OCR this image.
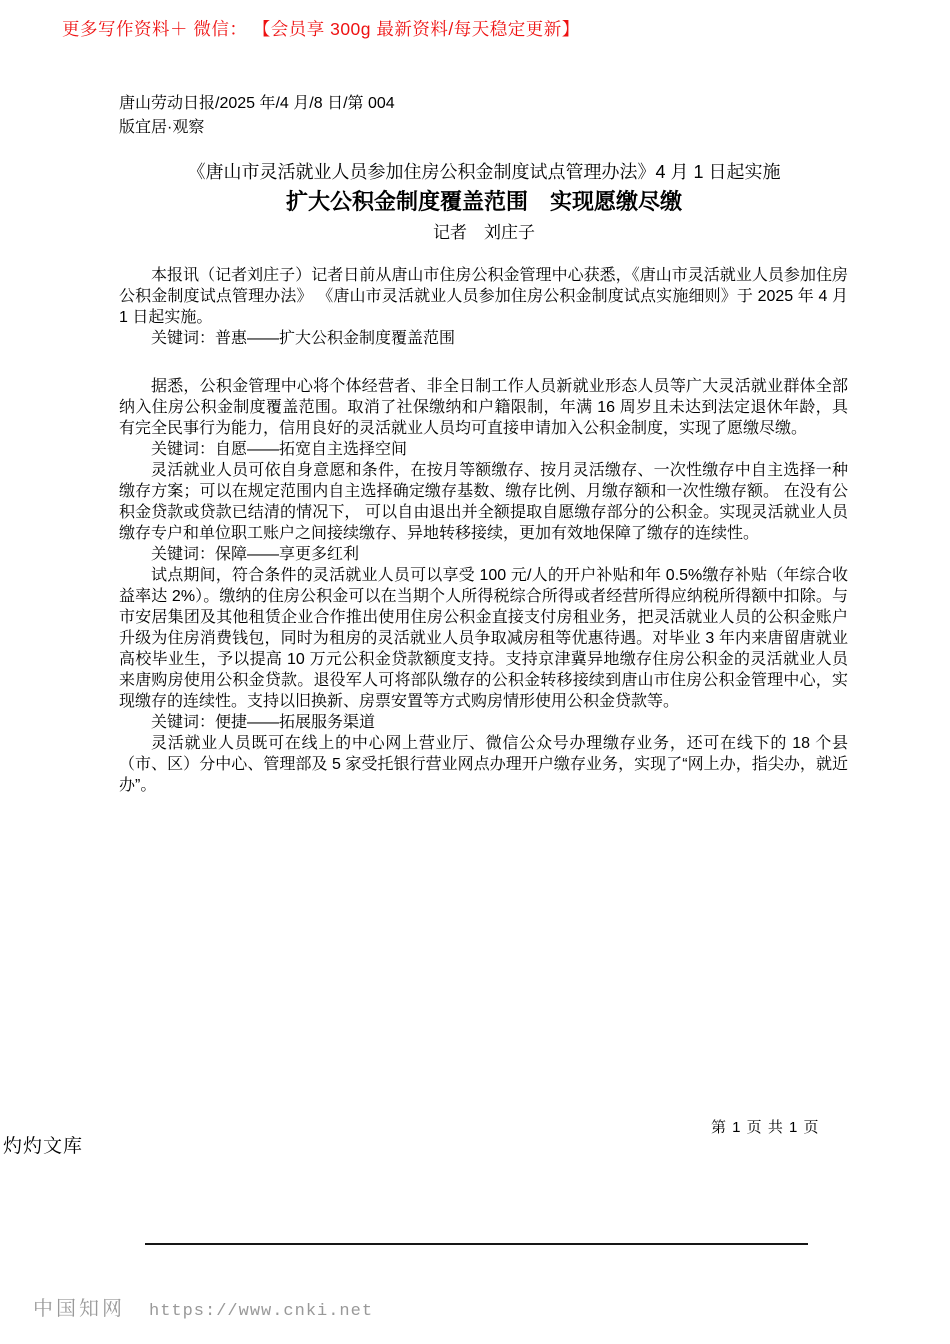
更多写作资料＋ 微信： 【会员享 300g 最新资料/每天稳定更新】
唐山劳动日报/2025 年/4 月/8 日/第 004
版宜居·观察
《唐山市灵活就业人员参加住房公积金制度试点管理办法》4 月 1 日起实施
扩大公积金制度覆盖范围　实现愿缴尽缴
记者　刘庄子

本报讯（记者刘庄子）记者日前从唐山市住房公积金管理中心获悉，《唐山市灵活就业人员参加住房公积金制度试点管理办法》 《唐山市灵活就业人员参加住房公积金制度试点实施细则》于 2025 年 4 月 1 日起实施。

关键词：普惠——扩大公积金制度覆盖范围

据悉，公积金管理中心将个体经营者、非全日制工作人员新就业形态人员等广大灵活就业群体全部纳入住房公积金制度覆盖范围。取消了社保缴纳和户籍限制，年满 16 周岁且未达到法定退休年龄，具有完全民事行为能力，信用良好的灵活就业人员均可直接申请加入公积金制度，实现了愿缴尽缴。

关键词：自愿——拓宽自主选择空间

灵活就业人员可依自身意愿和条件，在按月等额缴存、按月灵活缴存、一次性缴存中自主选择一种缴存方案；可以在规定范围内自主选择确定缴存基数、缴存比例、月缴存额和一次性缴存额。 在没有公积金贷款或贷款已结清的情况下， 可以自由退出并全额提取自愿缴存部分的公积金。实现灵活就业人员缴存专户和单位职工账户之间接续缴存、异地转移接续，更加有效地保障了缴存的连续性。

关键词：保障——享更多红利

试点期间，符合条件的灵活就业人员可以享受 100 元/人的开户补贴和年 0.5%缴存补贴（年综合收益率达 2%）。缴纳的住房公积金可以在当期个人所得税综合所得或者经营所得应纳税所得额中扣除。与市安居集团及其他租赁企业合作推出使用住房公积金直接支付房租业务，把灵活就业人员的公积金账户升级为住房消费钱包，同时为租房的灵活就业人员争取减房租等优惠待遇。对毕业 3 年内来唐留唐就业高校毕业生，予以提高 10 万元公积金贷款额度支持。支持京津冀异地缴存住房公积金的灵活就业人员来唐购房使用公积金贷款。退役军人可将部队缴存的公积金转移接续到唐山市住房公积金管理中心，实现缴存的连续性。支持以旧换新、房票安置等方式购房情形使用公积金贷款等。

关键词：便捷——拓展服务渠道

灵活就业人员既可在线上的中心网上营业厅、微信公众号办理缴存业务，还可在线下的 18 个县（市、区）分中心、管理部及 5 家受托银行营业网点办理开户缴存业务，实现了“网上办，指尖办，就近办”。

第 1 页 共 1 页
灼灼文库
中国知网 https://www.cnki.net
